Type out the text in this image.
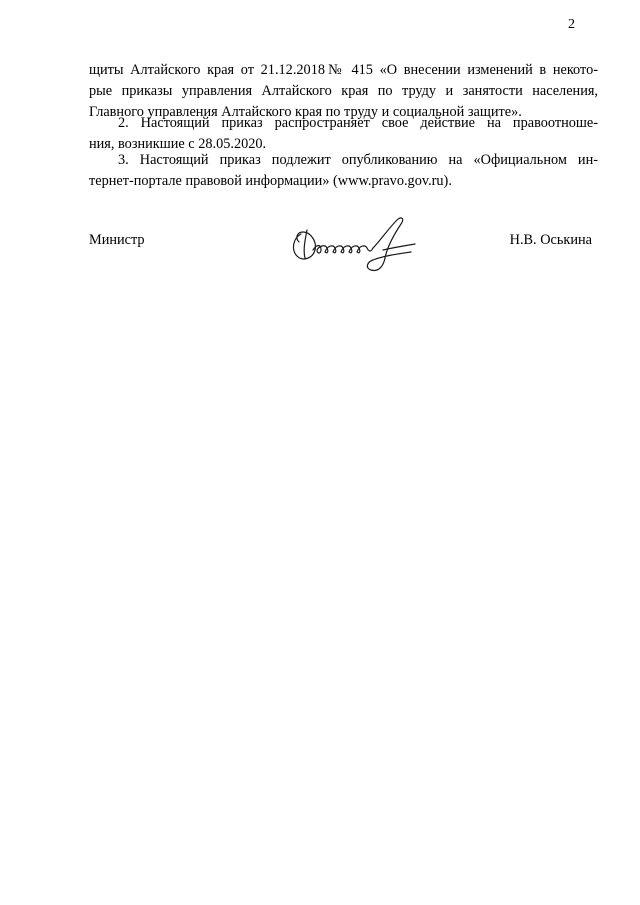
2
щиты Алтайского края от 21.12.2018№ 415 «О внесении изменений в некото-
рые приказы управления Алтайского края по труду и занятости населения,
Главного управления Алтайского края по труду и социальной защите».
2. Настоящий приказ распространяет свое действие на правоотноше-
ния, возникшие с 28.05.2020.
3. Настоящий приказ подлежит опубликованию на «Официальном ин-
тернет-портале правовой информации» (www.pravo.gov.ru).
Министр	Н.В. Оськина
